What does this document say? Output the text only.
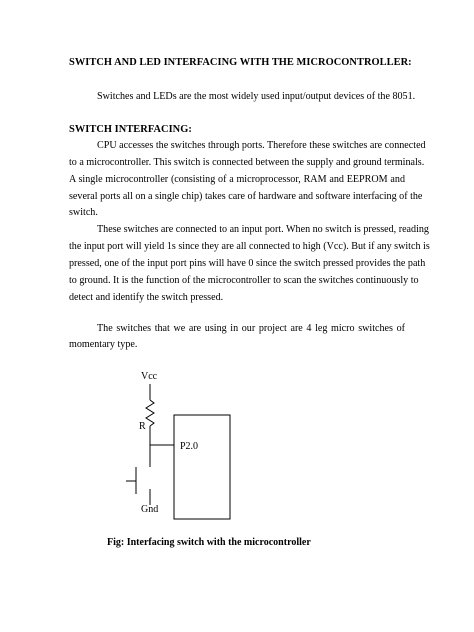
SWITCH AND LED INTERFACING WITH THE MICROCONTROLLER:
Switches and LEDs are the most widely used input/output devices of the 8051.
SWITCH INTERFACING:
CPU accesses the switches through ports. Therefore these switches are connected
to a microcontroller. This switch is connected between the supply and ground terminals.
A single microcontroller (consisting of a microprocessor, RAM and EEPROM and
several ports all on a single chip) takes care of hardware and software interfacing of the
switch.
These switches are connected to an input port. When no switch is pressed, reading
the input port will yield 1s since they are all connected to high (Vcc). But if any switch is
pressed, one of the input port pins will have 0 since the switch pressed provides the path
to ground. It is the function of the microcontroller to scan the switches continuously to
detect and identify the switch pressed.
The switches that we are using in our project are 4 leg micro switches of
momentary type.
Vcc
R
P2.0
Gnd
Fig: Interfacing switch with the microcontroller
